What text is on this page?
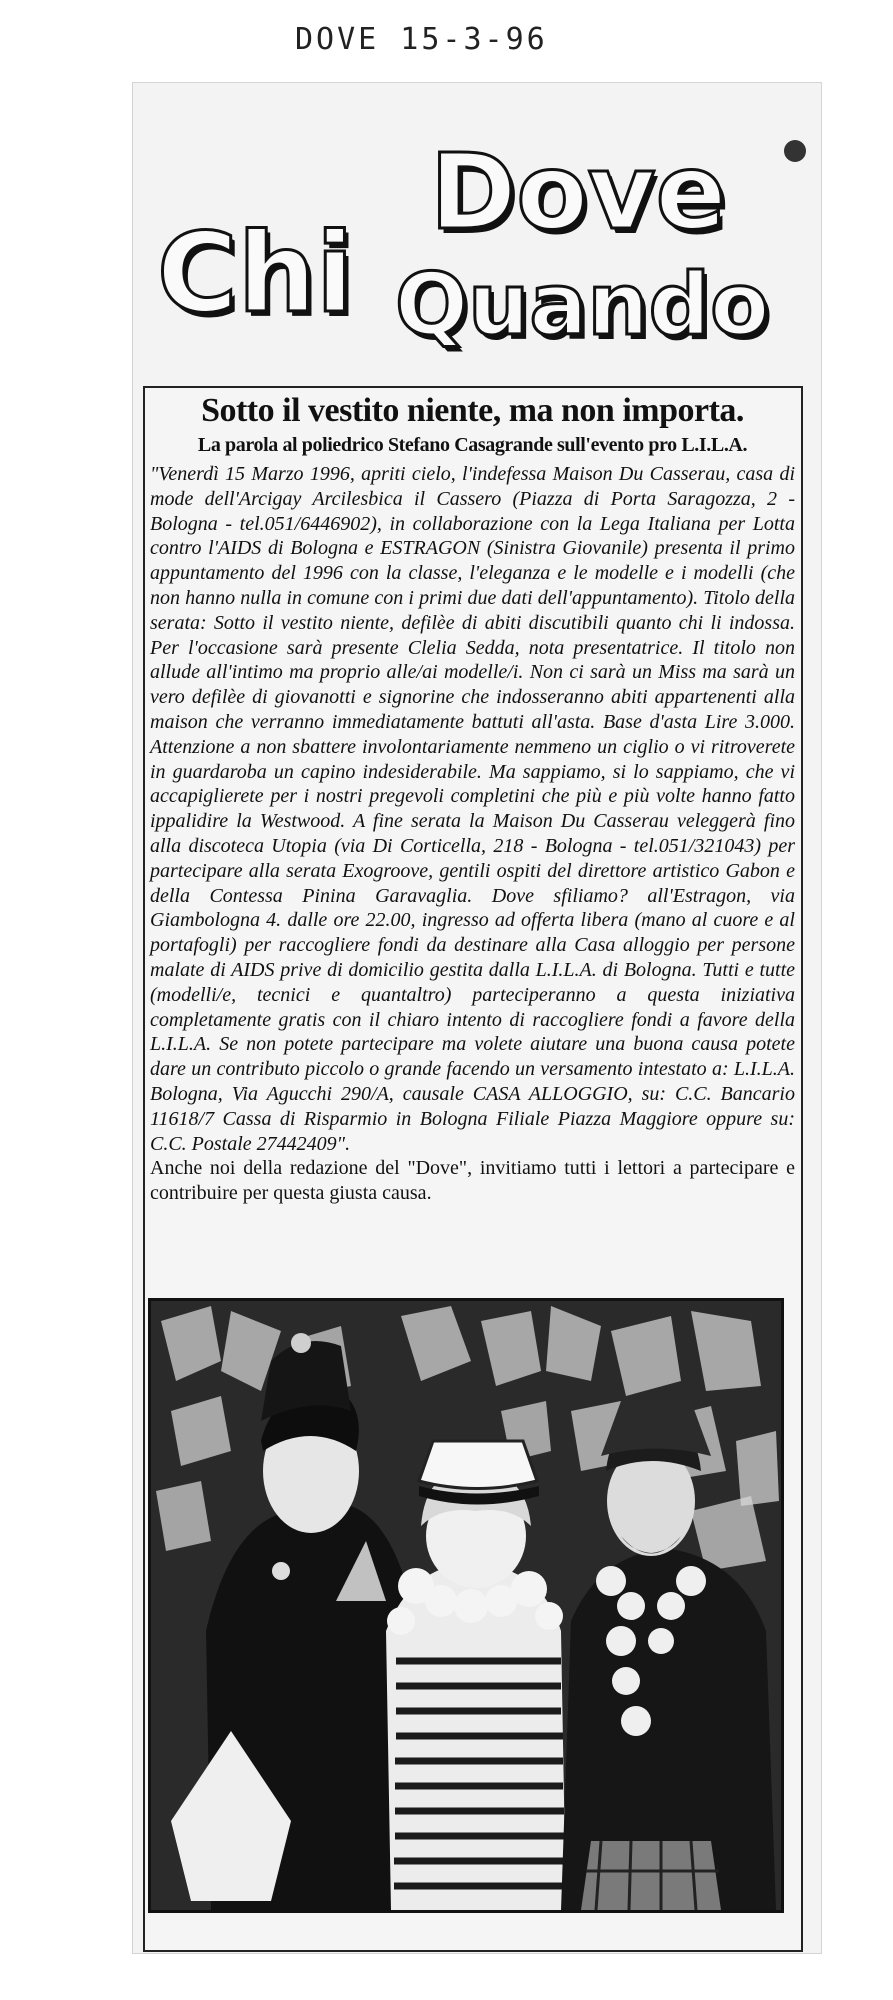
DOVE 15-3-96
Dove
Chi Quando
Sotto il vestito niente, ma non importa.
La parola al poliedrico Stefano Casagrande sull'evento pro L.I.L.A.

"Venerdì 15 Marzo 1996, apriti cielo, l'indefessa Maison Du Casserau, casa di mode dell'Arcigay Arcilesbica il Cassero (Piazza di Porta Saragozza, 2 - Bologna - tel.051/6446902), in collaborazione con la Lega Italiana per Lotta contro l'AIDS di Bologna e ESTRAGON (Sinistra Giovanile) presenta il primo appuntamento del 1996 con la classe, l'eleganza e le modelle e i modelli (che non hanno nulla in comune con i primi due dati dell'appuntamento). Titolo della serata: Sotto il vestito niente, defilèe di abiti discutibili quanto chi li indossa. Per l'occasione sarà presente Clelia Sedda, nota presentatrice. Il titolo non allude all'intimo ma proprio alle/ai modelle/i. Non ci sarà un Miss ma sarà un vero defilèe di giovanotti e signorine che indosseranno abiti appartenenti alla maison che verranno immediatamente battuti all'asta. Base d'asta Lire 3.000. Attenzione a non sbattere involontariamente nemmeno un ciglio o vi ritroverete in guardaroba un capino indesiderabile. Ma sappiamo, si lo sappiamo, che vi accapiglierete per i nostri pregevoli completini che più e più volte hanno fatto ippalidire la Westwood. A fine serata la Maison Du Casserau veleggerà fino alla discoteca Utopia (via Di Corticella, 218 - Bologna - tel.051/321043) per partecipare alla serata Exogroove, gentili ospiti del direttore artistico Gabon e della Contessa Pinina Garavaglia. Dove sfiliamo? all'Estragon, via Giambologna 4. dalle ore 22.00, ingresso ad offerta libera (mano al cuore e al portafogli) per raccogliere fondi da destinare alla Casa alloggio per persone malate di AIDS prive di domicilio gestita dalla L.I.L.A. di Bologna. Tutti e tutte (modelli/e, tecnici e quantaltro) parteciperanno a questa iniziativa completamente gratis con il chiaro intento di raccogliere fondi a favore della L.I.L.A. Se non potete partecipare ma volete aiutare una buona causa potete dare un contributo piccolo o grande facendo un versamento intestato a: L.I.L.A. Bologna, Via Agucchi 290/A, causale CASA ALLOGGIO, su: C.C. Bancario 11618/7 Cassa di Risparmio in Bologna Filiale Piazza Maggiore oppure su: C.C. Postale 27442409".

Anche noi della redazione del "Dove", invitiamo tutti i lettori a partecipare e contribuire per questa giusta causa.
